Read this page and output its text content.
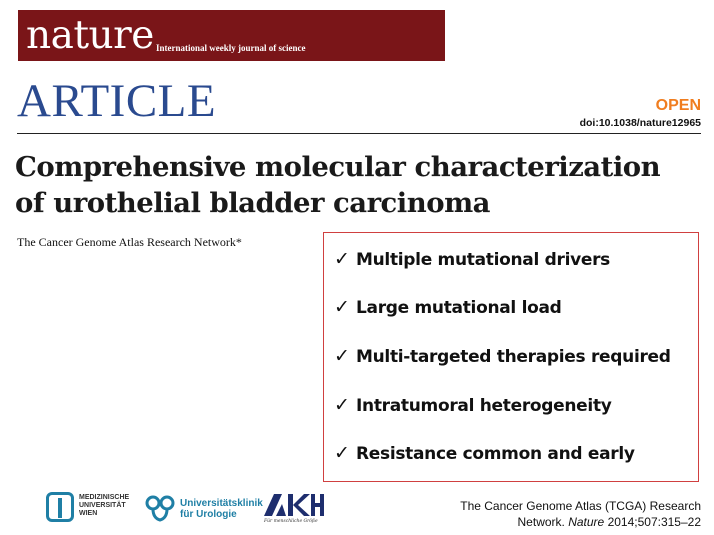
nature International weekly journal of science
ARTICLE	OPEN
doi:10.1038/nature12965
Comprehensive molecular characterization
of urothelial bladder carcinoma
The Cancer Genome Atlas Research Network*
✓ Multiple mutational drivers
✓ Large mutational load
✓ Multi-targeted therapies required
✓ Intratumoral heterogeneity
✓ Resistance common and early
MEDIZINISCHE
UNIVERSITÄT
WIEN
Universitätsklinik
für Urologie
Für menschliche Größe
The Cancer Genome Atlas (TCGA) Research
Network. Nature 2014;507:315–22
